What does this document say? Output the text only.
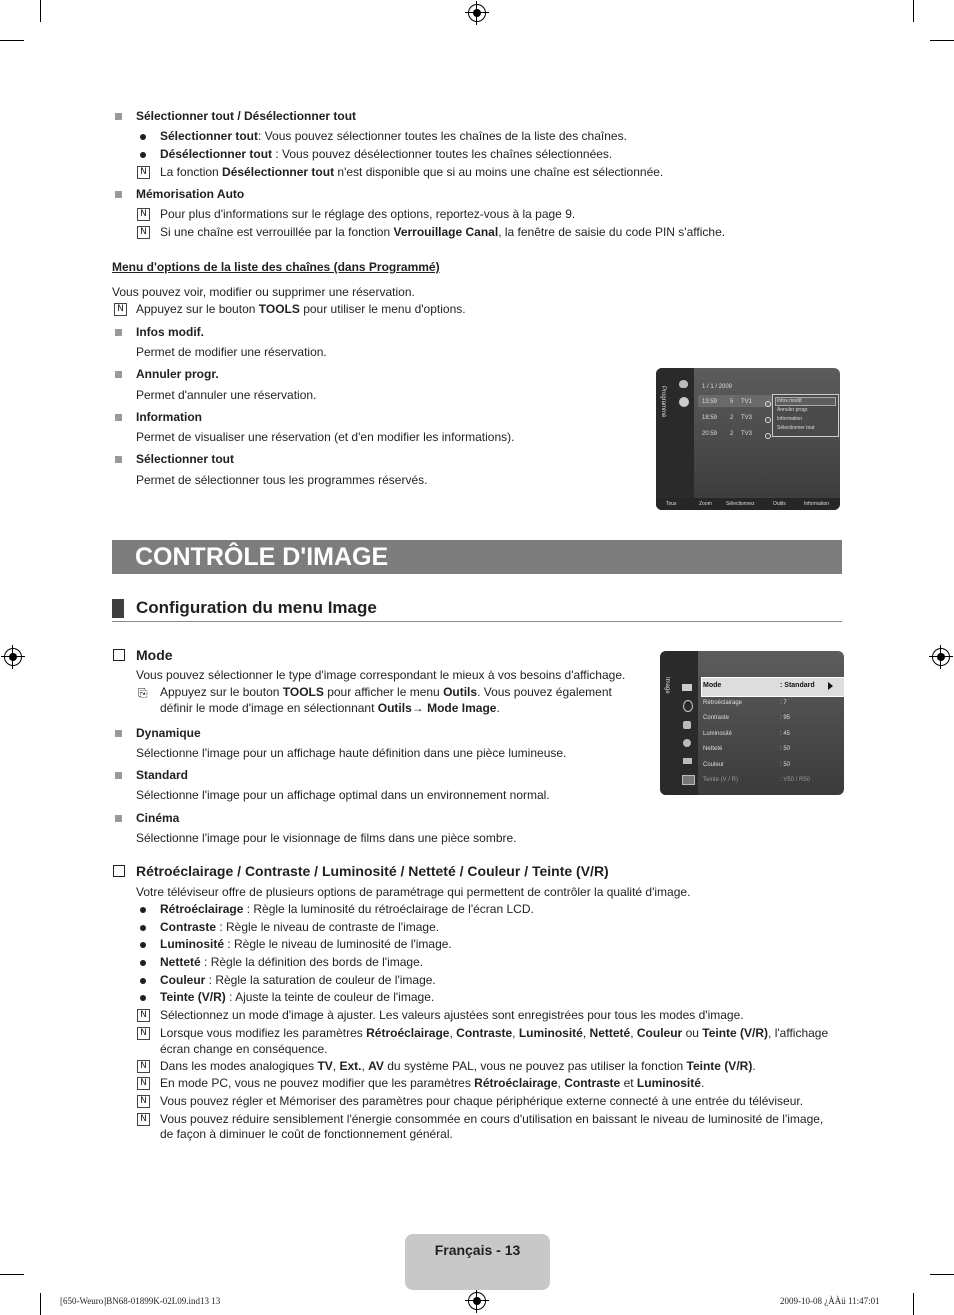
Sélectionner tout / Désélectionner tout
Sélectionner tout: Vous pouvez sélectionner toutes les chaînes de la liste des chaînes.
Désélectionner tout : Vous pouvez désélectionner toutes les chaînes sélectionnées.
N La fonction Désélectionner tout n'est disponible que si au moins une chaîne est sélectionnée.
Mémorisation Auto
N Pour plus d'informations sur le réglage des options, reportez-vous à la page 9.
N Si une chaîne est verrouillée par la fonction Verrouillage Canal, la fenêtre de saisie du code PIN s'affiche.
Menu d'options de la liste des chaînes (dans Programmé)
Vous pouvez voir, modifier ou supprimer une réservation.
N Appuyez sur le bouton TOOLS pour utiliser le menu d'options.
Infos modif.
Permet de modifier une réservation.
Annuler progr.
Permet d'annuler une réservation.
Information
Permet de visualiser une réservation (et d'en modifier les informations).
Sélectionner tout
Permet de sélectionner tous les programmes réservés.
Programmé	1 / 1 / 2009
13:59 5 TV1
18:59 2 TV3
20:59 2 TV3
Infos modif.
Annuler progr.
Information
Sélectionner tout
Tous	Zoom	Sélectionnez	Outils	Information
CONTRÔLE D'IMAGE
Configuration du menu Image
Mode
Vous pouvez sélectionner le type d'image correspondant le mieux à vos besoins d'affichage.
⎘ Appuyez sur le bouton TOOLS pour afficher le menu Outils. Vous pouvez également
définir le mode d'image en sélectionnant Outils→ Mode Image.
Dynamique
Sélectionne l'image pour un affichage haute définition dans une pièce lumineuse.
Standard
Sélectionne l'image pour un affichage optimal dans un environnement normal.
Cinéma
Sélectionne l'image pour le visionnage de films dans une pièce sombre.
Image	Mode	: Standard
Rétroéclairage	: 7
Contraste	: 95
Luminosité	: 45
Netteté	: 50
Couleur	: 50
Teinte (V / R)	: V50 / R50
Rétroéclairage / Contraste / Luminosité / Netteté / Couleur / Teinte (V/R)
Votre téléviseur offre de plusieurs options de paramétrage qui permettent de contrôler la qualité d'image.
Rétroéclairage : Règle la luminosité du rétroéclairage de l'écran LCD.
Contraste : Règle le niveau de contraste de l'image.
Luminosité : Règle le niveau de luminosité de l'image.
Netteté : Règle la définition des bords de l'image.
Couleur : Règle la saturation de couleur de l'image.
Teinte (V/R) : Ajuste la teinte de couleur de l'image.
N Sélectionnez un mode d'image à ajuster. Les valeurs ajustées sont enregistrées pour tous les modes d'image.
N Lorsque vous modifiez les paramètres Rétroéclairage, Contraste, Luminosité, Netteté, Couleur ou Teinte (V/R), l'affichage
écran change en conséquence.
N Dans les modes analogiques TV, Ext., AV du système PAL, vous ne pouvez pas utiliser la fonction Teinte (V/R).
N En mode PC, vous ne pouvez modifier que les paramètres Rétroéclairage, Contraste et Luminosité.
N Vous pouvez régler et Mémoriser des paramètres pour chaque périphérique externe connecté à une entrée du téléviseur.
N Vous pouvez réduire sensiblement l'énergie consommée en cours d'utilisation en baissant le niveau de luminosité de l'image,
de façon à diminuer le coût de fonctionnement général.
Français - 13
[650-Weuro]BN68-01899K-02L09.ind13 13	2009-10-08 ¿ÀÀü 11:47:01
